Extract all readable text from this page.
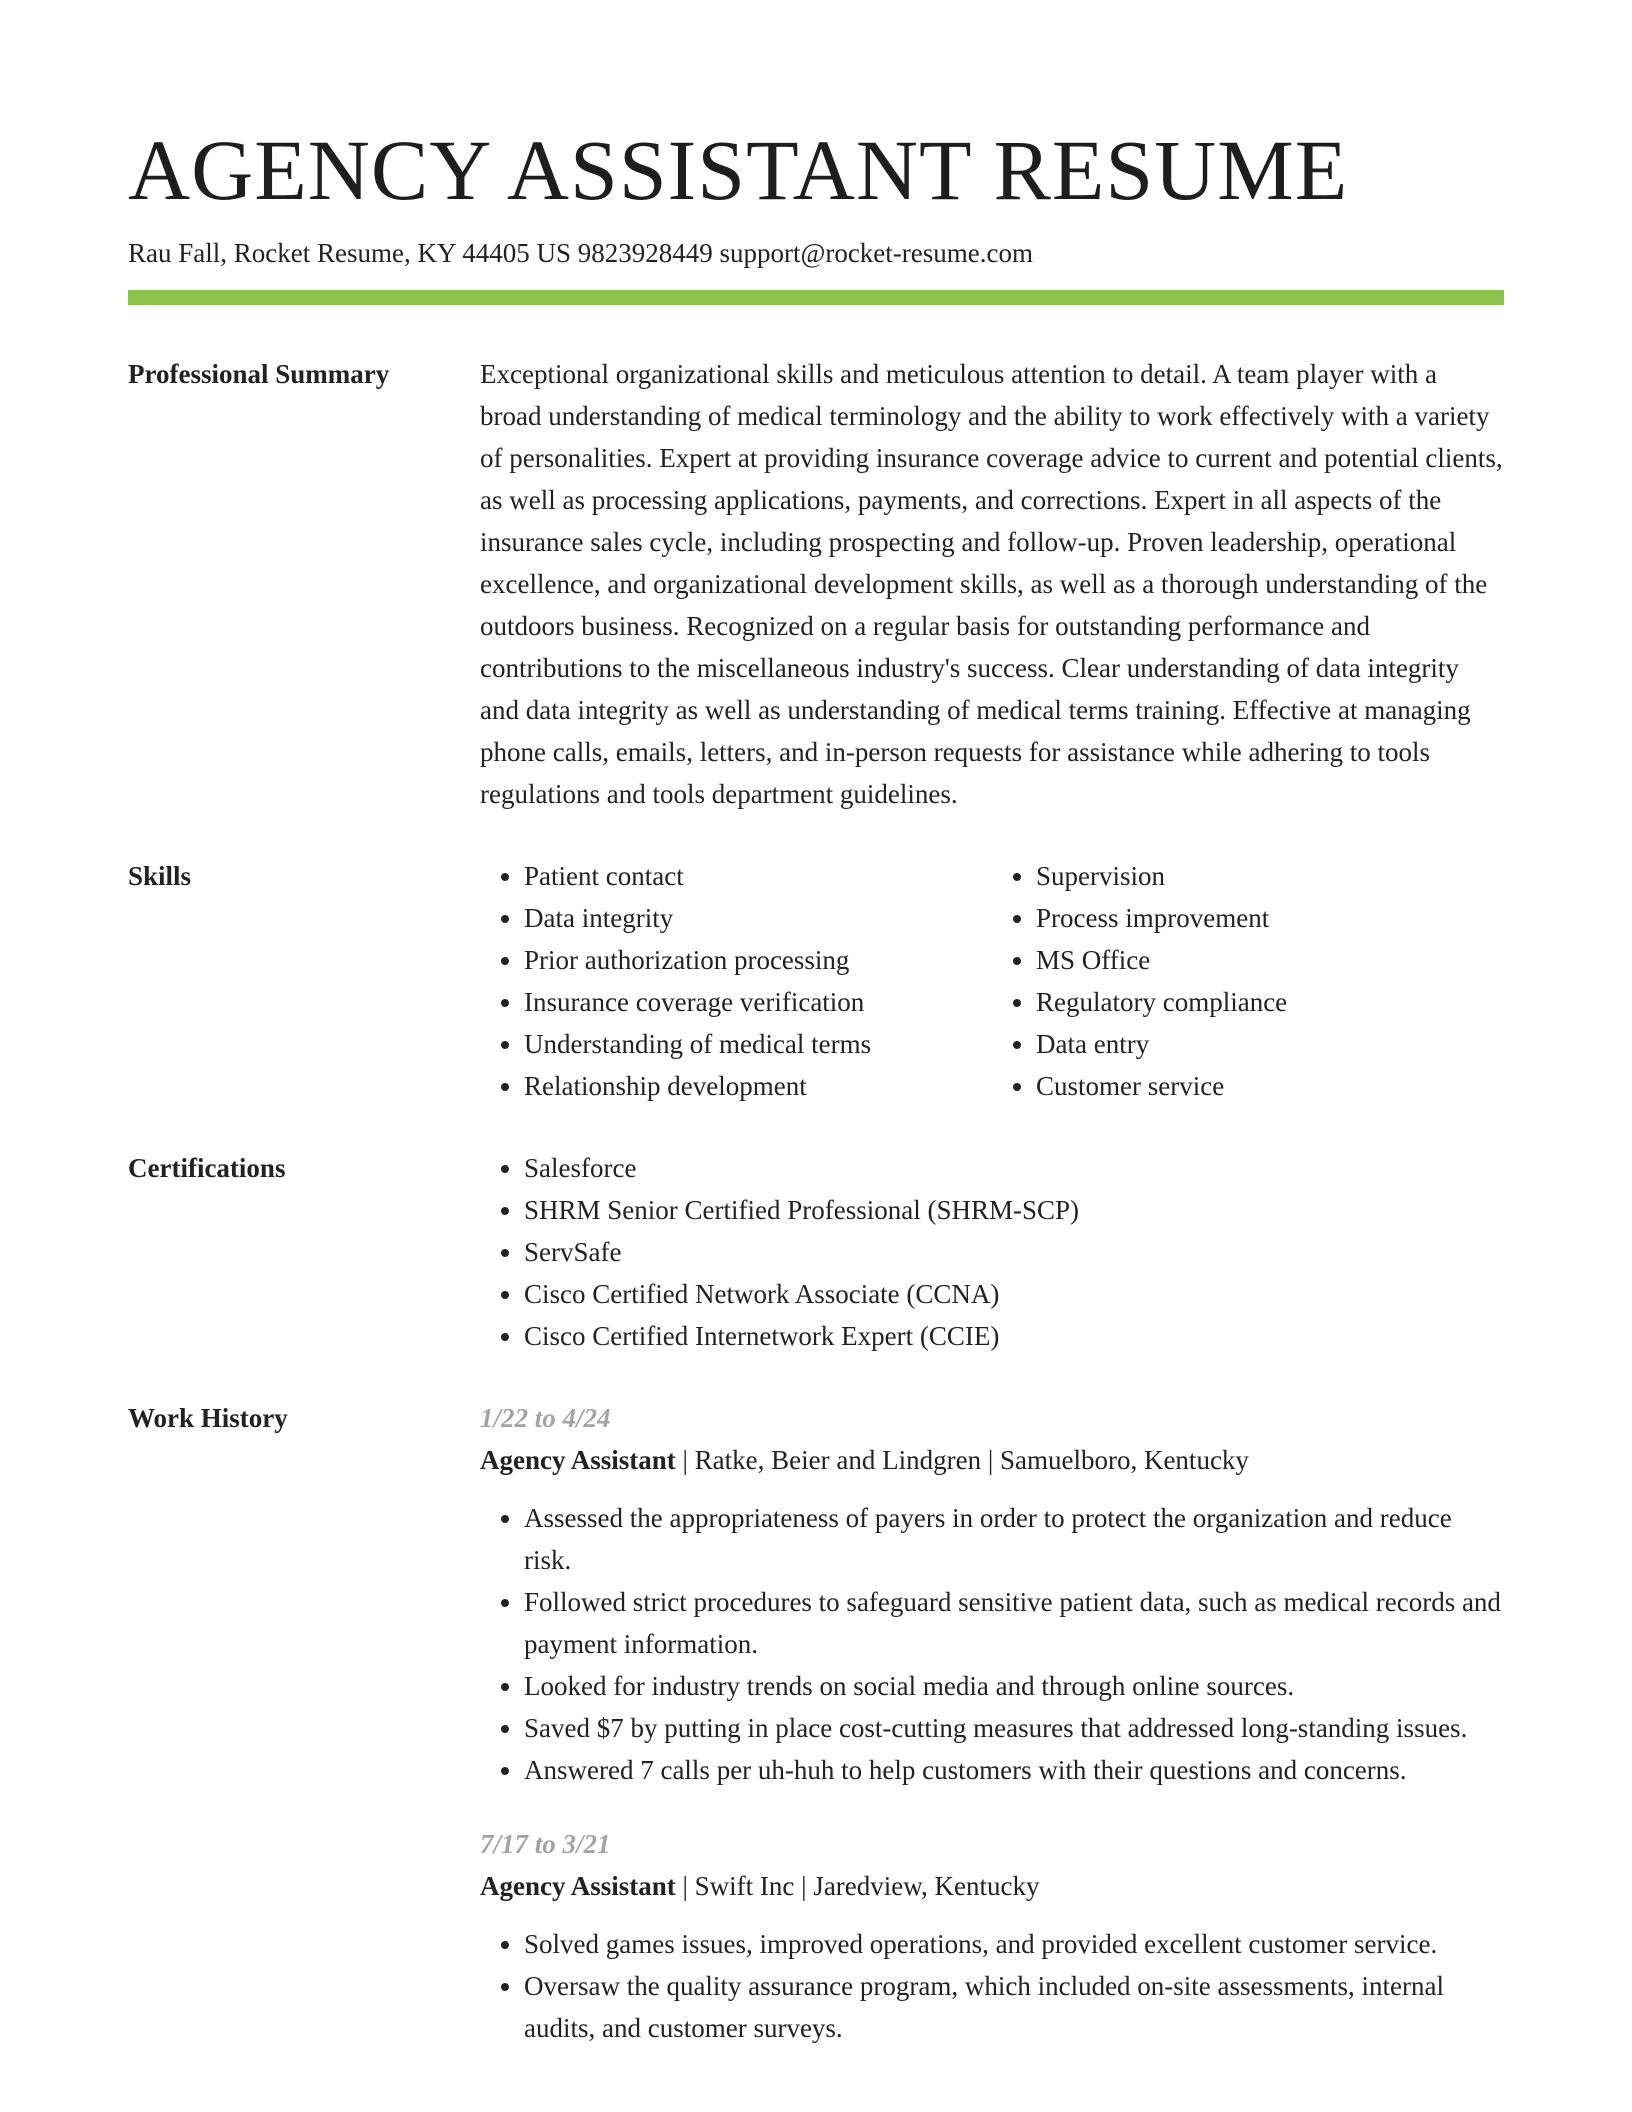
AGENCY ASSISTANT RESUME
Rau Fall, Rocket Resume, KY 44405 US 9823928449 support@rocket-resume.com
Professional Summary	Exceptional organizational skills and meticulous attention to detail. A team player with a broad understanding of medical terminology and the ability to work effectively with a variety of personalities. Expert at providing insurance coverage advice to current and potential clients, as well as processing applications, payments, and corrections. Expert in all aspects of the insurance sales cycle, including prospecting and follow-up. Proven leadership, operational excellence, and organizational development skills, as well as a thorough understanding of the outdoors business. Recognized on a regular basis for outstanding performance and contributions to the miscellaneous industry's success. Clear understanding of data integrity and data integrity as well as understanding of medical terms training. Effective at managing phone calls, emails, letters, and in-person requests for assistance while adhering to tools regulations and tools department guidelines.

Skills	• Patient contact
• Data integrity
• Prior authorization processing
• Insurance coverage verification
• Understanding of medical terms
• Relationship development
• Supervision
• Process improvement
• MS Office
• Regulatory compliance
• Data entry
• Customer service
Certifications	• Salesforce
• SHRM Senior Certified Professional (SHRM-SCP)
• ServSafe
• Cisco Certified Network Associate (CCNA)
• Cisco Certified Internetwork Expert (CCIE)
Work History	1/22 to 4/24
Agency Assistant | Ratke, Beier and Lindgren | Samuelboro, Kentucky
• Assessed the appropriateness of payers in order to protect the organization and reduce risk.
• Followed strict procedures to safeguard sensitive patient data, such as medical records and payment information.
• Looked for industry trends on social media and through online sources.
• Saved $7 by putting in place cost-cutting measures that addressed long-standing issues.
• Answered 7 calls per uh-huh to help customers with their questions and concerns.
7/17 to 3/21
Agency Assistant | Swift Inc | Jaredview, Kentucky
• Solved games issues, improved operations, and provided excellent customer service.
• Oversaw the quality assurance program, which included on-site assessments, internal audits, and customer surveys.
